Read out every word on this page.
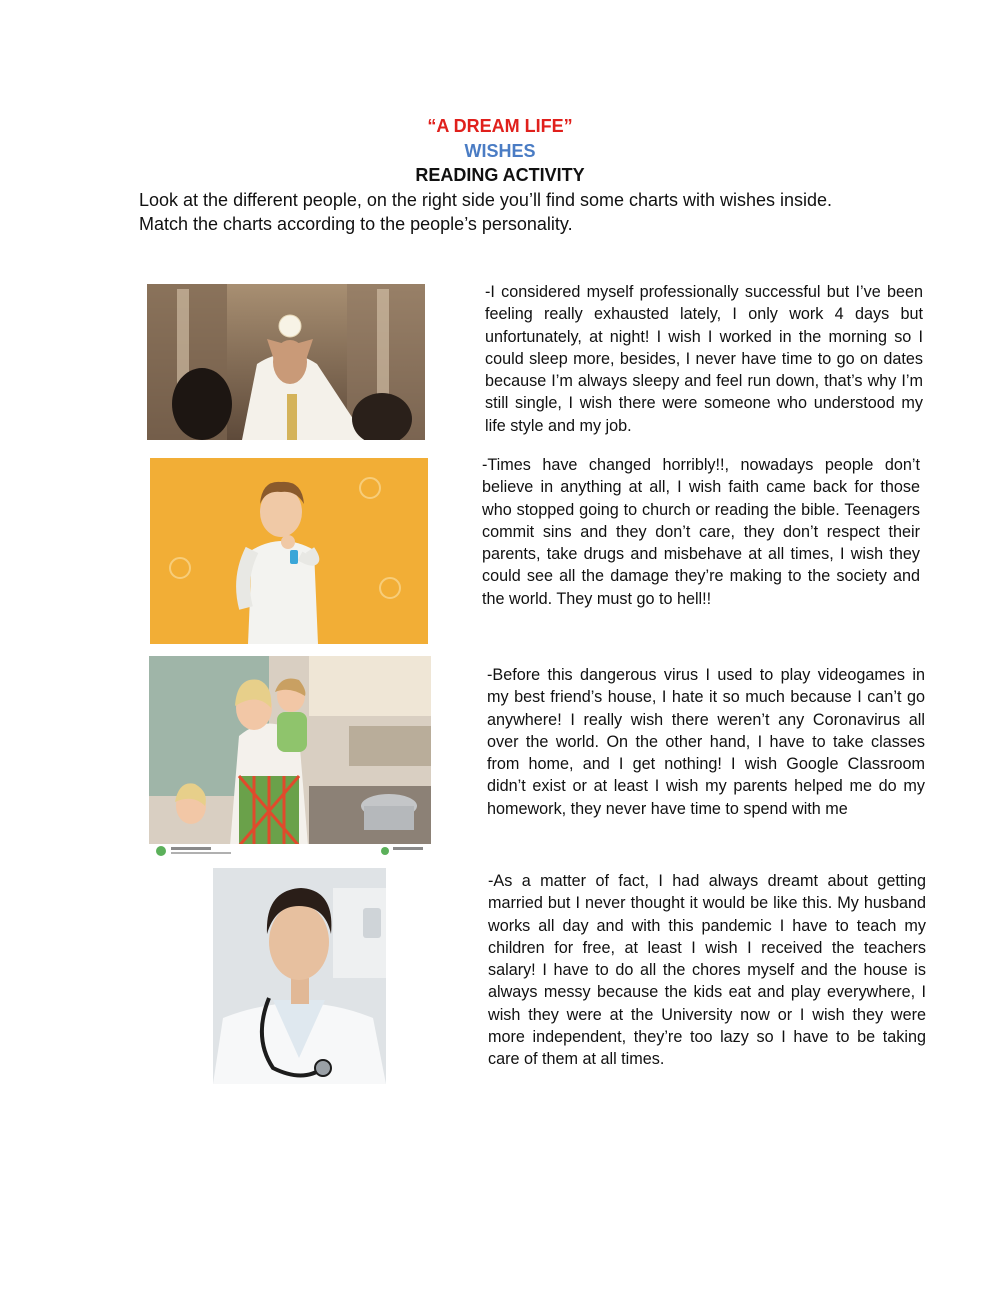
“A DREAM LIFE”
WISHES
READING ACTIVITY
Look at the different people, on the right side you’ll find some charts with wishes inside. Match the charts according to the people’s personality.
-I considered myself professionally successful but I’ve been feeling really exhausted lately, I only work 4 days but unfortunately, at night! I wish I worked in the morning so I could sleep more, besides, I never have time to go on dates because I’m always sleepy and feel run down, that’s why I’m still single, I wish there were someone who understood my life style and my job.
-Times have changed horribly!!, nowadays people don’t believe in anything at all, I wish faith came back for those who stopped going to church or reading the bible. Teenagers commit sins and they don’t care, they don’t respect their parents, take drugs and misbehave at all times, I wish they could see all the damage they’re making to the society and the world. They must go to hell!!
-Before this dangerous virus I used to play videogames in my best friend’s house, I hate it so much because I can’t go anywhere! I really wish there weren’t any Coronavirus all over the world. On the other hand, I have to take classes from home, and I get nothing! I wish Google Classroom didn’t exist or at least I wish my parents helped me do my homework, they never have time to spend with me
-As a matter of fact, I had always dreamt about getting married but I never thought it would be like this. My husband works all day and with this pandemic I have to teach my children for free, at least I wish I received the teachers salary! I have to do all the chores myself and the house is always messy because the kids eat and play everywhere, I wish they were at the University now or I wish they were more independent, they’re too lazy so I have to be taking care of them at all times.
